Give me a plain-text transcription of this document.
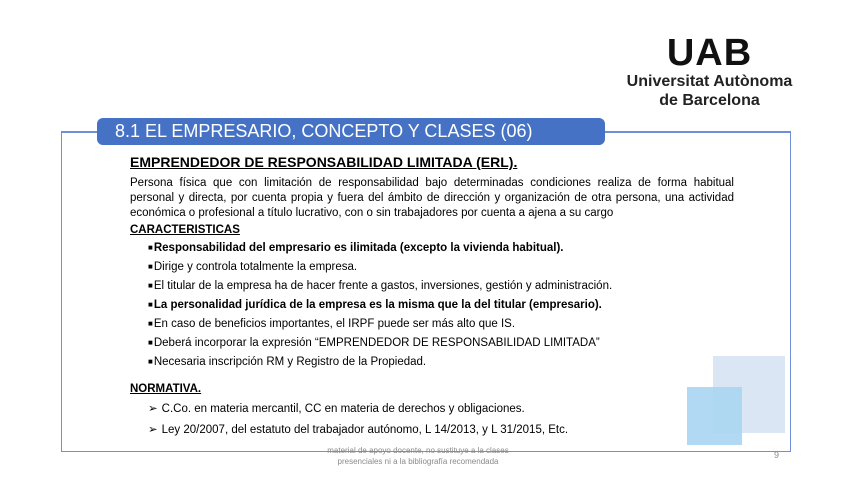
UAB
Universitat Autònoma
de Barcelona
8.1 EL EMPRESARIO, CONCEPTO Y CLASES (06)
EMPRENDEDOR DE RESPONSABILIDAD LIMITADA (ERL).
Persona física que con limitación de responsabilidad bajo determinadas condiciones realiza de forma habitual personal y directa, por cuenta propia y fuera del ámbito de dirección y organización de otra persona, una actividad económica o profesional a título lucrativo, con o sin trabajadores por cuenta a ajena a su cargo
CARACTERISTICAS
■Responsabilidad del empresario es ilimitada (excepto la vivienda habitual).
■Dirige y controla totalmente la empresa.
■El titular de la empresa ha de hacer frente a gastos, inversiones, gestión y administración.
■La personalidad jurídica de la empresa es la misma que la del titular (empresario).
■En caso de beneficios importantes, el IRPF puede ser más alto que IS.
■Deberá incorporar la expresión “EMPRENDEDOR DE RESPONSABILIDAD LIMITADA”
■Necesaria inscripción RM y Registro de la Propiedad.
NORMATIVA.
➢ C.Co. en materia mercantil, CC en materia de derechos y obligaciones.
➢ Ley 20/2007, del estatuto del trabajador autónomo, L 14/2013, y L 31/2015, Etc.
material de apoyo docente, no sustituye a la clases
presenciales ni a la bibliografía recomendada
9
